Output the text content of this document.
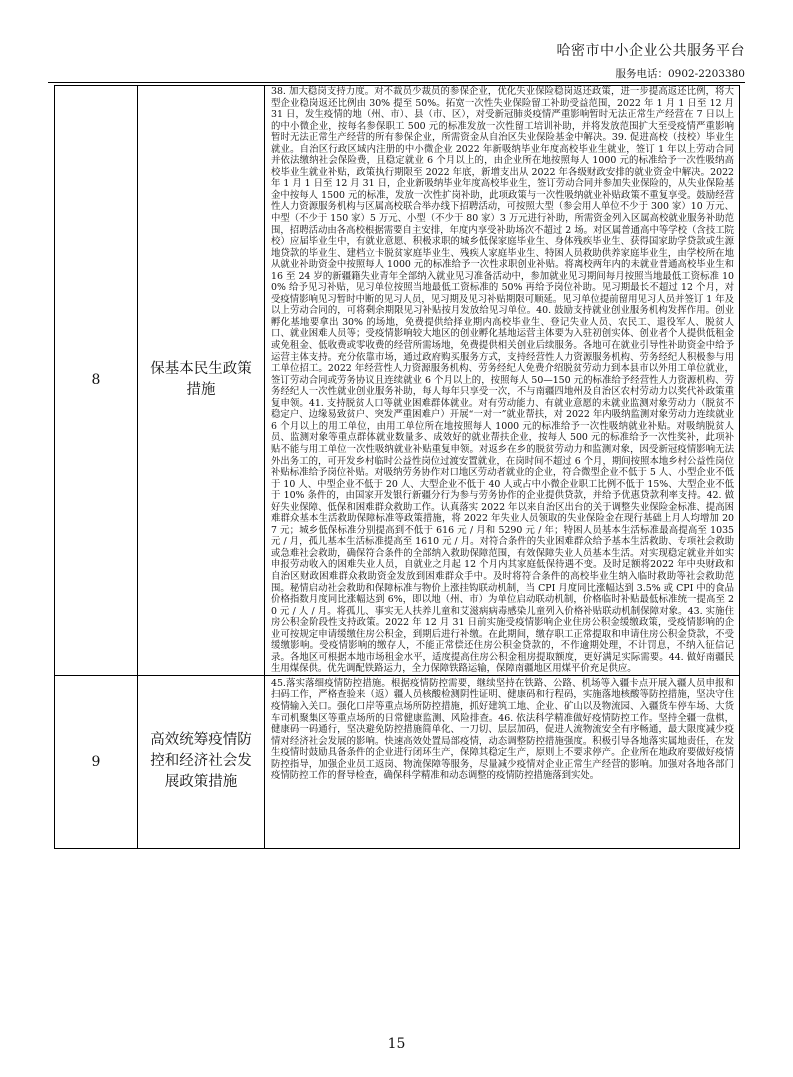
哈密市中小企业公共服务平台
服务电话：0902-2203380
8	保基本民生政策措施	38. 加大稳岗支持力度。对不裁员少裁员的参保企业，优化失业保险稳岗返还政策，进一步提高返还比例，将大型企业稳岗返还比例由 30% 提至 50%。拓宽一次性失业保险留工补助受益范围，2022 年 1 月 1 日至 12 月 31 日，发生疫情的地（州、市）、县（市、区），对受新冠肺炎疫情严重影响暂时无法正常生产经营在 7 日以上的中小微企业，按每名参保职工 500 元的标准发放一次性留工培训补助，并将发放范围扩大至受疫情严重影响暂时无法正常生产经营的所有参保企业，所需资金从自治区失业保险基金中解决。39. 促进高校（技校）毕业生就业。自治区行政区域内注册的中小微企业 2022 年新吸纳毕业年度高校毕业生就业，签订 1 年以上劳动合同并依法缴纳社会保险费，且稳定就业 6 个月以上的，由企业所在地按照每人 1000 元的标准给予一次性吸纳高校毕业生就业补贴，政策执行期限至 2022 年底，新增支出从 2022 年各级财政安排的就业资金中解决。2022 年 1 月 1 日至 12 月 31 日，企业新吸纳毕业年度高校毕业生，签订劳动合同并参加失业保险的，从失业保险基金中按每人 1500 元的标准，发放一次性扩岗补助，此项政策与一次性吸纳就业补贴政策不重复享受。鼓励经营性人力资源服务机构与区属高校联合举办线下招聘活动，可按照大型（参会用人单位不少于 300 家）10 万元、中型（不少于 150 家）5 万元、小型（不少于 80 家）3 万元进行补助，所需资金列入区属高校就业服务补助范围，招聘活动由各高校根据需要自主安排，年度内享受补助场次不超过 2 场。对区属普通高中等学校（含技工院校）应届毕业生中，有就业意愿、积极求职的城乡低保家庭毕业生、身体残疾毕业生、获得国家助学贷款或生源地贷款的毕业生、建档立卡脱贫家庭毕业生、残疾人家庭毕业生、特困人员救助供养家庭毕业生，由学校所在地从就业补助资金中按照每人 1000 元的标准给予一次性求职创业补贴。将离校两年内的未就业普通高校毕业生和 16 至 24 岁的新疆籍失业青年全部纳入就业见习准备活动中，参加就业见习期间每月按照当地最低工资标准 100% 给予见习补贴，见习单位按照当地最低工资标准的 50% 再给予岗位补助。见习期最长不超过 12 个月，对受疫情影响见习暂时中断的见习人员，见习期及见习补贴期限可顺延。见习单位提前留用见习人员并签订 1 年及以上劳动合同的，可将剩余期限见习补贴按月发放给见习单位。40. 鼓励支持就业创业服务机构发挥作用。创业孵化基地要拿出 30% 的场地，免费提供给择业期内高校毕业生、登记失业人员、农民工、退役军人、脱贫人口、就业困难人员等；受疫情影响较大地区的创业孵化基地运营主体要为入驻初创实体、创业者个人提供低租金或免租金、低收费或零收费的经营所需场地，免费提供相关创业后续服务。各地可在就业引导性补助资金中给予运营主体支持。充分依靠市场，通过政府购买服务方式，支持经营性人力资源服务机构、劳务经纪人积极参与用工单位招工。2022 年经营性人力资源服务机构、劳务经纪人免费介绍脱贫劳动力到本县市以外用工单位就业，签订劳动合同或劳务协议且连续就业 6 个月以上的，按照每人 50—150 元的标准给予经营性人力资源机构、劳务经纪人一次性就业创业服务补助，每人每年只享受一次，不与南疆四地州及自治区农村劳动力以奖代补政策重复申领。41. 支持脱贫人口等就业困难群体就业。对有劳动能力、有就业意愿的未就业监测对象劳动力（脱贫不稳定户、边缘易致贫户、突发严重困难户）开展“一对一”就业帮扶，对 2022 年内吸纳监测对象劳动力连续就业 6 个月以上的用工单位，由用工单位所在地按照每人 1000 元的标准给予一次性吸纳就业补贴。对吸纳脱贫人员、监测对象等重点群体就业数量多、成效好的就业帮扶企业，按每人 500 元的标准给予一次性奖补，此项补贴不能与用工单位一次性吸纳就业补贴重复申领。对返乡在乡的脱贫劳动力和监测对象，因受新冠疫情影响无法外出务工的，可开发乡村临时公益性岗位过渡安置就业，在岗时间不超过 6 个月，期间按照本地乡村公益性岗位补贴标准给予岗位补贴。对吸纳劳务协作对口地区劳动者就业的企业，符合微型企业不低于 5 人、小型企业不低于 10 人、中型企业不低于 20 人、大型企业不低于 40 人或占中小微企业职工比例不低于 15%、大型企业不低于 10% 条件的，由国家开发银行新疆分行为参与劳务协作的企业提供贷款，并给予优惠贷款利率支持。42. 做好失业保障、低保和困难群众救助工作。认真落实 2022 年以来自治区出台的关于调整失业保险金标准、提高困难群众基本生活救助保障标准等政策措施，将 2022 年失业人员领取的失业保险金在现行基础上月人均增加 207 元；城乡低保标准分别提高到不低于 616 元 / 月和 5290 元 / 年；特困人员基本生活标准最高提高至 1035 元 / 月，孤儿基本生活标准提高至 1610 元 / 月。对符合条件的失业困难群众给予基本生活救助、专项社会救助或急难社会救助，确保符合条件的全部纳入救助保障范围，有效保障失业人员基本生活。对实现稳定就业并如实申报劳动收入的困难失业人员，自就业之月起 12 个月内其家庭低保待遇不变。及时足额将2022 年中央财政和自治区财政困难群众救助资金发放到困难群众手中。及时将符合条件的高校毕业生纳入临时救助等社会救助范围。秘情启动社会救助和保障标准与物价上涨挂钩联动机制，当 CPI 月度同比涨幅达到 3.5% 或 CPI 中的食品价格指数月度同比涨幅达到 6%，即以地（州、市）为单位启动联动机制，价格临时补贴最低标准统一提高至 20 元 / 人 / 月。将孤儿、事实无人扶养儿童和艾滋病病毒感染儿童列入价格补贴联动机制保障对象。43. 实施住房公积金阶段性支持政策。2022 年 12 月 31 日前实施受疫情影响企业住房公积金缓缴政策，受疫情影响的企业可按规定申请缓缴住房公积金，到期后进行补缴。在此期间，缴存职工正常提取和申请住房公积金贷款，不受缓缴影响。受疫情影响的缴存人，不能正常偿还住房公积金贷款的，不作逾期处理，不计罚息，不纳入征信记录。各地区可根据本地市场租金水平，适度提高住房公积金租房提取额度，更好满足实际需要。44. 做好南疆民生用煤保供。优先调配铁路运力，全力保障铁路运输，保障南疆地区用煤平价充足供应。

9	高效统筹疫情防控和经济社会发展政策措施	45.落实落细疫情防控措施。根据疫情防控需要，继续坚持在铁路、公路、机场等入疆卡点开展入疆人员申报和扫码工作，严格查验来（返）疆人员核酸检测阴性证明、健康码和行程码，实施落地核酸等防控措施，坚决守住疫情输入关口。强化口岸等重点场所防控措施，抓好建筑工地、企业、矿山以及物流园、入疆货车停车场、大货车司机聚集区等重点场所的日常健康监测、风险排查。46. 依法科学精准做好疫情防控工作。坚持全疆一盘棋，健康码一码通行，坚决避免防控措施简单化、一刀切、层层加码，促进人流物流安全有序畅通，最大限度减少疫情对经济社会发展的影响。快速高效处置局部疫情，动态调整防控措施强度。积极引导各地落实属地责任，在发生疫情时鼓励具备条件的企业进行闭环生产，保障其稳定生产，原则上不要求停产。企业所在地政府要做好疫情防控指导，加强企业员工返岗、物流保障等服务，尽量减少疫情对企业正常生产经营的影响。加强对各地各部门疫情防控工作的督导检查，确保科学精准和动态调整的疫情防控措施落到实处。
15
